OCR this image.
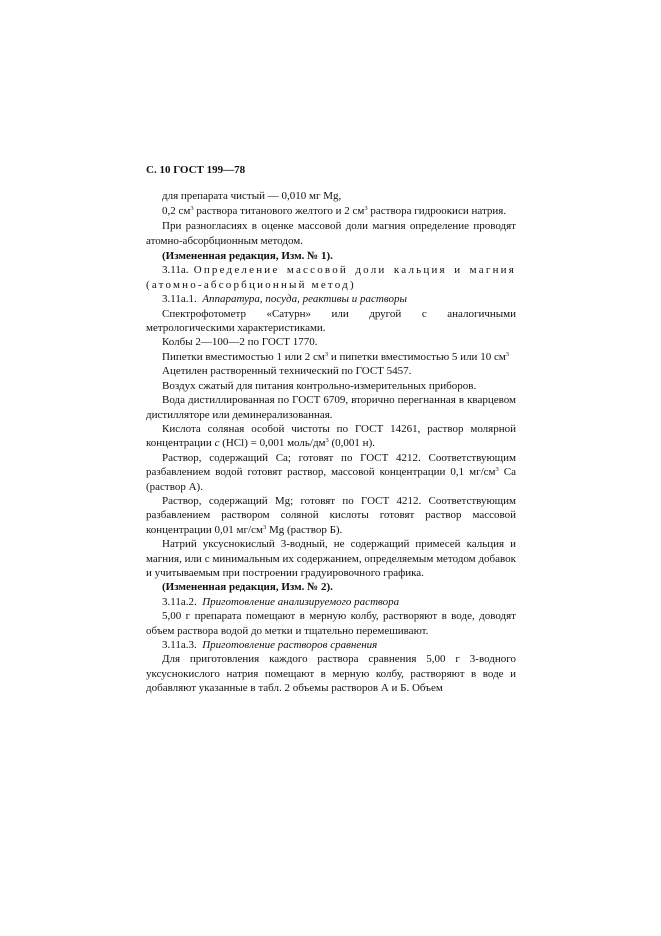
С. 10 ГОСТ 199—78

для препарата чистый — 0,010 мг Mg,

0,2 $см^3$ раствора титанового желтого и 2 $см^3$ раствора гидроокиси натрия.

При разногласиях в оценке массовой доли магния определение проводят атомно-абсорбционным методом.

(Измененная редакция, Изм. № 1).

3.11а. Определение массовой доли кальция и магния (атомно-абсорбционный метод)

3.11а.1. Аппаратура, посуда, реактивы и растворы

Спектрофотометр «Сатурн» или другой с аналогичными метрологическими характеристиками.

Колбы 2—100—2 по ГОСТ 1770.

Пипетки вместимостью 1 или 2 $см^3$ и пипетки вместимостью 5 или 10 $см^3$

Ацетилен растворенный технический по ГОСТ 5457.

Воздух сжатый для питания контрольно-измерительных приборов.

Вода дистиллированная по ГОСТ 6709, вторично перегнанная в кварцевом дистилляторе или деминерализованная.

Кислота соляная особой чистоты по ГОСТ 14261, раствор молярной концентрации c (HCl) = 0,001 моль/$дм^3$ (0,001 н).

Раствор, содержащий Ca; готовят по ГОСТ 4212. Соответствующим разбавлением водой готовят раствор, массовой концентрации 0,1 $мг/см^3$ Ca (раствор А).

Раствор, содержащий Mg; готовят по ГОСТ 4212. Соответствующим разбавлением раствором соляной кислоты готовят раствор массовой концентрации 0,01 $мг/см^3$ Mg (раствор Б).

Натрий уксуснокислый 3-водный, не содержащий примесей кальция и магния, или с минимальным их содержанием, определяемым методом добавок и учитываемым при построении градуировочного графика.

(Измененная редакция, Изм. № 2).

3.11а.2. Приготовление анализируемого раствора

5,00 г препарата помещают в мерную колбу, растворяют в воде, доводят объем раствора водой до метки и тщательно перемешивают.

3.11а.3. Приготовление растворов сравнения

Для приготовления каждого раствора сравнения 5,00 г 3-водного уксуснокислого натрия помещают в мерную колбу, растворяют в воде и добавляют указанные в табл. 2 объемы растворов А и Б. Объем
